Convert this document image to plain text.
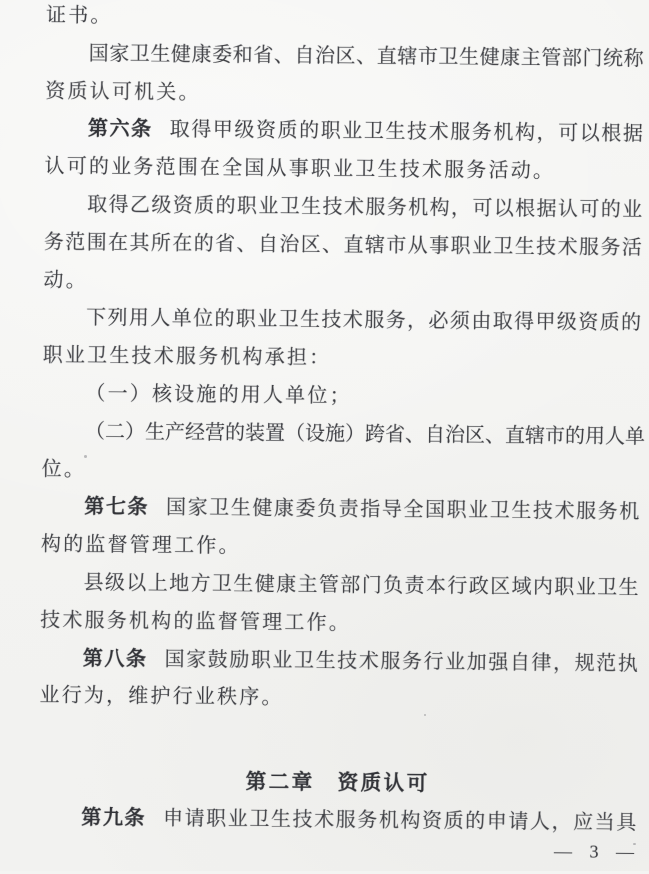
证书。
国家卫生健康委和省、自治区、直辖市卫生健康主管部门统称
资质认可机关。
第六条 取得甲级资质的职业卫生技术服务机构，可以根据
认可的业务范围在全国从事职业卫生技术服务活动。
取得乙级资质的职业卫生技术服务机构，可以根据认可的业
务范围在其所在的省、自治区、直辖市从事职业卫生技术服务活
动。
下列用人单位的职业卫生技术服务，必须由取得甲级资质的
职业卫生技术服务机构承担：
（一）核设施的用人单位；
（二）生产经营的装置（设施）跨省、自治区、直辖市的用人单
位。
第七条 国家卫生健康委负责指导全国职业卫生技术服务机
构的监督管理工作。
县级以上地方卫生健康主管部门负责本行政区域内职业卫生
技术服务机构的监督管理工作。
第八条 国家鼓励职业卫生技术服务行业加强自律，规范执
业行为，维护行业秩序。
第二章　资质认可
第九条 申请职业卫生技术服务机构资质的申请人，应当具
— 3 —
